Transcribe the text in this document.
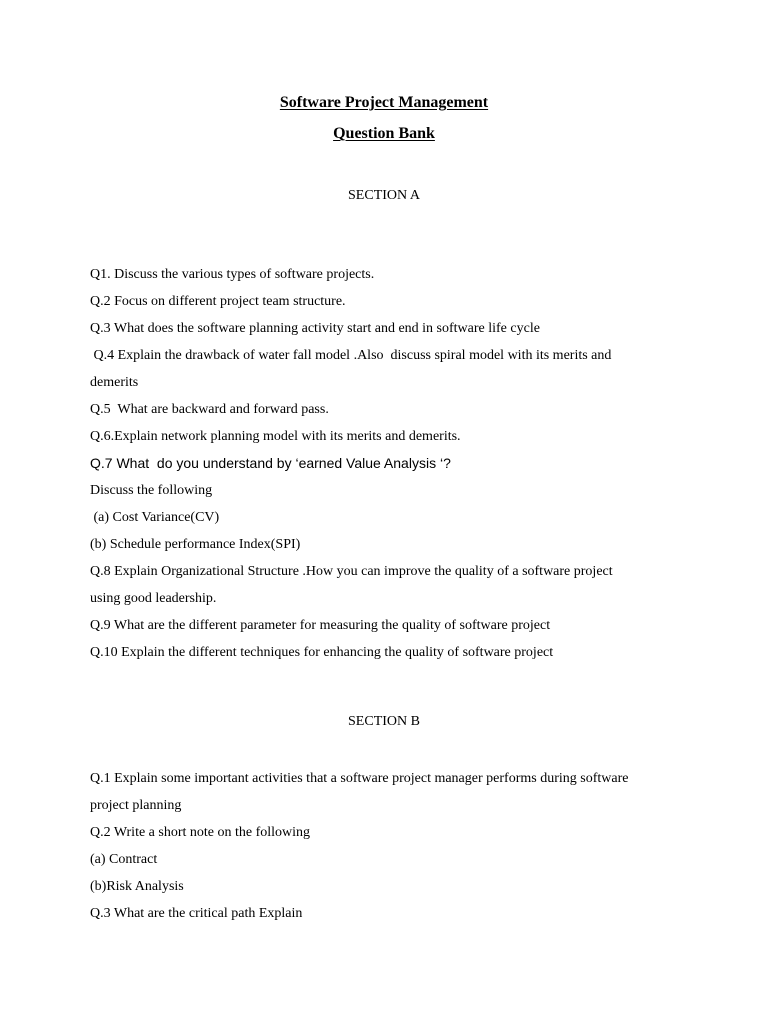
Software Project Management
Question Bank
SECTION A
Q1. Discuss the various types of software projects.
Q.2 Focus on different project team structure.
Q.3 What does the software planning activity start and end in software life cycle
Q.4 Explain the drawback of water fall model .Also  discuss spiral model with its merits and
demerits
Q.5  What are backward and forward pass.
Q.6.Explain network planning model with its merits and demerits.
Q.7 What  do you understand by ‘earned Value Analysis ‘?
Discuss the following
(a) Cost Variance(CV)
(b) Schedule performance Index(SPI)
Q.8 Explain Organizational Structure .How you can improve the quality of a software project
using good leadership.
Q.9 What are the different parameter for measuring the quality of software project
Q.10 Explain the different techniques for enhancing the quality of software project
SECTION B
Q.1 Explain some important activities that a software project manager performs during software
project planning
Q.2 Write a short note on the following
(a) Contract
(b)Risk Analysis
Q.3 What are the critical path Explain
